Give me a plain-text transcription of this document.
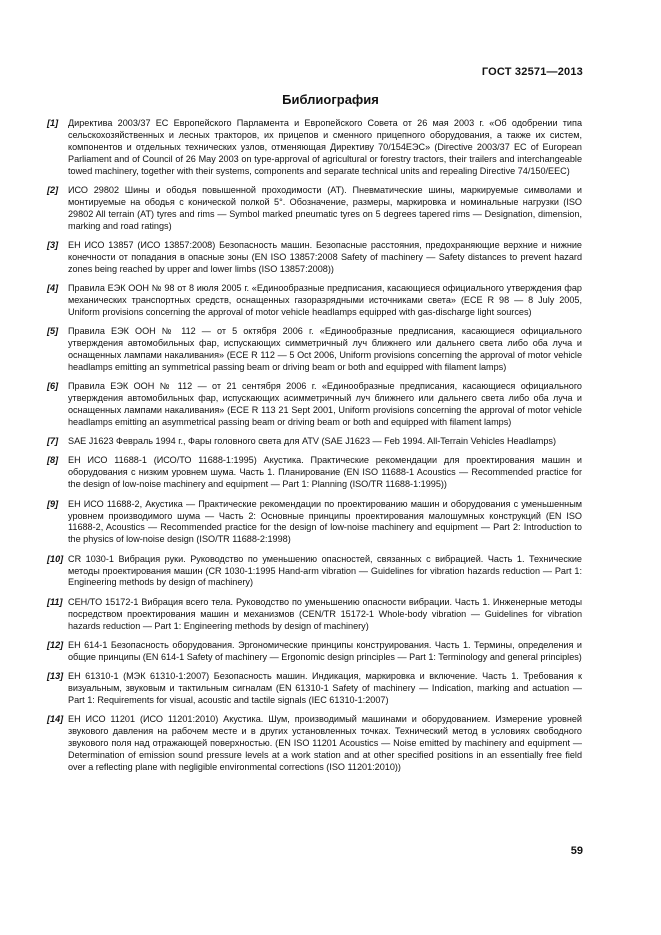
ГОСТ 32571—2013
Библиография
[1]	Директива 2003/37 ЕС Европейского Парламента и Европейского Совета от 26 мая 2003 г. «Об одобрении типа сельскохозяйственных и лесных тракторов, их прицепов и сменного прицепного оборудования, а также их систем, компонентов и отдельных технических узлов, отменяющая Директиву 70/154ЕЭС» (Directive 2003/37 EC of European Parliament and of Council of 26 May 2003 on type-approval of agricultural or forestry tractors, their trailers and interchangeable towed machinery, together with their systems, components and separate technical units and repealing Directive 74/150/EEC)
[2]	ИСО 29802 Шины и ободья повышенной проходимости (АТ). Пневматические шины, маркируемые символами и монтируемые на ободья с конической полкой 5°. Обозначение, размеры, маркировка и номинальные нагрузки (ISO 29802 All terrain (AT) tyres and rims — Symbol marked pneumatic tyres on 5 degrees tapered rims — Designation, dimension, marking and road ratings)
[3]	ЕН ИСО 13857 (ИСО 13857:2008) Безопасность машин. Безопасные расстояния, предохраняющие верхние и нижние конечности от попадания в опасные зоны (EN ISO 13857:2008 Safety of machinery — Safety distances to prevent hazard zones being reached by upper and lower limbs (ISO 13857:2008))
[4]	Правила ЕЭК ООН № 98 от 8 июля 2005 г. «Единообразные предписания, касающиеся официального утверждения фар механических транспортных средств, оснащенных газоразрядными источниками света» (ECE R 98 — 8 July 2005, Uniform provisions concerning the approval of motor vehicle headlamps equipped with gas-discharge light sources)
[5]	Правила ЕЭК ООН № 112 — от 5 октября 2006 г. «Единообразные предписания, касающиеся официального утверждения автомобильных фар, испускающих симметричный луч ближнего или дальнего света либо оба луча и оснащенных лампами накаливания» (ECE R 112 — 5 Oct 2006, Uniform provisions concerning the approval of motor vehicle headlamps emitting an symmetrical passing beam or driving beam or both and equipped with filament lamps)
[6]	Правила ЕЭК ООН № 112 — от 21 сентября 2006 г. «Единообразные предписания, касающиеся официального утверждения автомобильных фар, испускающих асимметричный луч ближнего или дальнего света либо оба луча и оснащенных лампами накаливания» (ECE R 113 21 Sept 2001, Uniform provisions concerning the approval of motor vehicle headlamps emitting an asymmetrical passing beam or driving beam or both and equipped with filament lamps)
[7]	SAE J1623 Февраль 1994 г., Фары головного света для ATV (SAE J1623 — Feb 1994. All-Terrain Vehicles Headlamps)
[8]	ЕН ИСО 11688-1 (ИСО/ТО 11688-1:1995) Акустика. Практические рекомендации для проектирования машин и оборудования с низким уровнем шума. Часть 1. Планирование (EN ISO 11688-1 Acoustics — Recommended practice for the design of low-noise machinery and equipment — Part 1: Planning (ISO/TR 11688-1:1995))
[9]	ЕН ИСО 11688-2, Акустика — Практические рекомендации по проектированию машин и оборудования с уменьшенным уровнем производимого шума — Часть 2: Основные принципы проектирования малошумных конструкций (EN ISO 11688-2, Acoustics — Recommended practice for the design of low-noise machinery and equipment — Part 2: Introduction to the physics of low-noise design (ISO/TR 11688-2:1998)
[10] CR 1030-1 Вибрация руки. Руководство по уменьшению опасностей, связанных с вибрацией. Часть 1. Технические методы проектирования машин (CR 1030-1:1995 Hand-arm vibration — Guidelines for vibration hazards reduction — Part 1: Engineering methods by design of machinery)
[11] CEH/TO 15172-1 Вибрация всего тела. Руководство по уменьшению опасности вибрации. Часть 1. Инженерные методы посредством проектирования машин и механизмов (CEN/TR 15172-1 Whole-body vibration — Guidelines for vibration hazards reduction — Part 1: Engineering methods by design of machinery)
[12] ЕН 614-1 Безопасность оборудования. Эргономические принципы конструирования. Часть 1. Термины, определения и общие принципы (EN 614-1 Safety of machinery — Ergonomic design principles — Part 1: Terminology and general principles)
[13] ЕН 61310-1 (МЭК 61310-1:2007) Безопасность машин. Индикация, маркировка и включение. Часть 1. Требования к визуальным, звуковым и тактильным сигналам (EN 61310-1 Safety of machinery — Indication, marking and actuation — Part 1: Requirements for visual, acoustic and tactile signals (IEC 61310-1:2007)
[14] ЕН ИСО 11201 (ИСО 11201:2010) Акустика. Шум, производимый машинами и оборудованием. Измерение уровней звукового давления на рабочем месте и в других установленных точках. Технический метод в условиях свободного звукового поля над отражающей поверхностью. (EN ISO 11201 Acoustics — Noise emitted by machinery and equipment — Determination of emission sound pressure levels at a work station and at other specified positions in an essentially free field over a reflecting plane with negligible environmental corrections (ISO 11201:2010))
59
